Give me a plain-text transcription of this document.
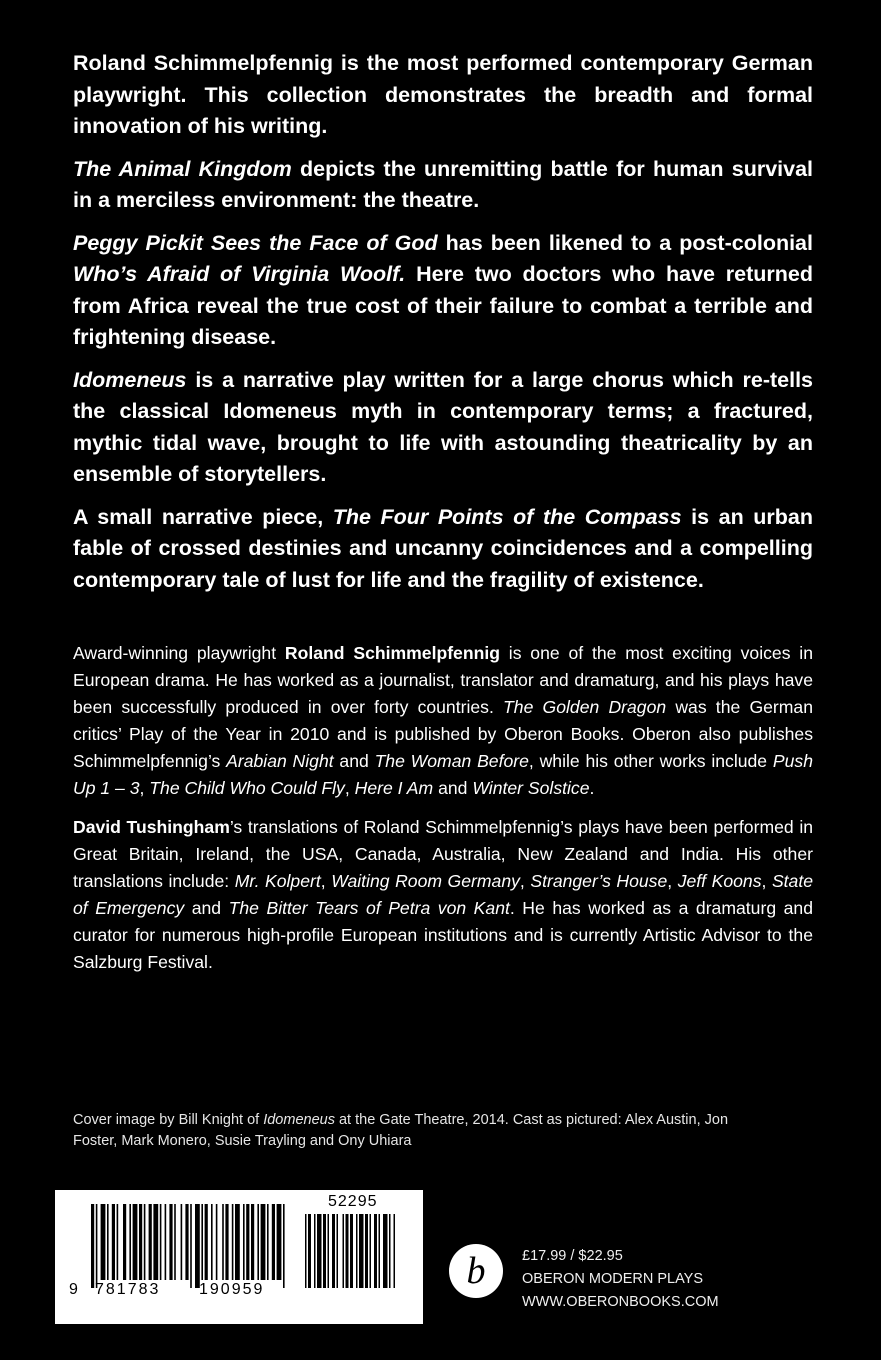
Roland Schimmelpfennig is the most performed contemporary German playwright. This collection demonstrates the breadth and formal innovation of his writing.

The Animal Kingdom depicts the unremitting battle for human survival in a merciless environment: the theatre.

Peggy Pickit Sees the Face of God has been likened to a post-colonial Who’s Afraid of Virginia Woolf. Here two doctors who have returned from Africa reveal the true cost of their failure to combat a terrible and frightening disease.

Idomeneus is a narrative play written for a large chorus which re-tells the classical Idomeneus myth in contemporary terms; a fractured, mythic tidal wave, brought to life with astounding theatricality by an ensemble of storytellers.

A small narrative piece, The Four Points of the Compass is an urban fable of crossed destinies and uncanny coincidences and a compelling contemporary tale of lust for life and the fragility of existence.

Award-winning playwright Roland Schimmelpfennig is one of the most exciting voices in European drama. He has worked as a journalist, translator and dramaturg, and his plays have been successfully produced in over forty countries. The Golden Dragon was the German critics’ Play of the Year in 2010 and is published by Oberon Books. Oberon also publishes Schimmelpfennig’s Arabian Night and The Woman Before, while his other works include Push Up 1 – 3, The Child Who Could Fly, Here I Am and Winter Solstice.

David Tushingham’s translations of Roland Schimmelpfennig’s plays have been performed in Great Britain, Ireland, the USA, Canada, Australia, New Zealand and India. His other translations include: Mr. Kolpert, Waiting Room Germany, Stranger’s House, Jeff Koons, State of Emergency and The Bitter Tears of Petra von Kant. He has worked as a dramaturg and curator for numerous high-profile European institutions and is currently Artistic Advisor to the Salzburg Festival.

Cover image by Bill Knight of Idomeneus at the Gate Theatre, 2014. Cast as pictured: Alex Austin, Jon Foster, Mark Monero, Susie Trayling and Ony Uhiara
9 781783 190959
52295
b	£17.99 / $22.95
OBERON MODERN PLAYS
WWW.OBERONBOOKS.COM
